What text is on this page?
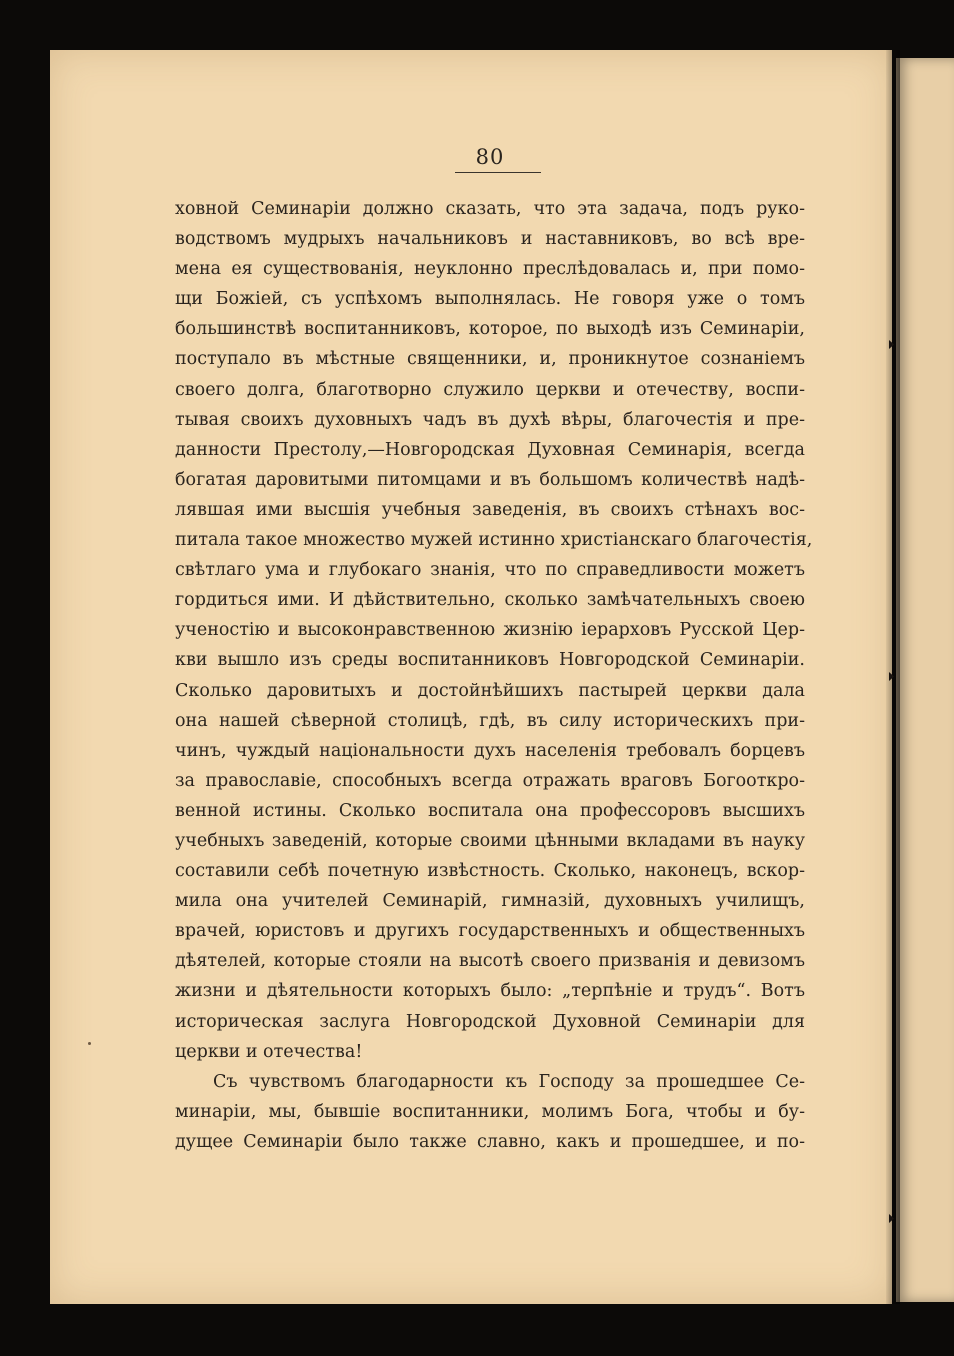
80
ховной Семинаріи должно сказать, что эта задача, подъ руко-
водствомъ мудрыхъ начальниковъ и наставниковъ, во всѣ вре-
мена ея существованія, неуклонно преслѣдовалась и, при помо-
щи Божіей, съ успѣхомъ выполнялась. Не говоря уже о томъ
большинствѣ воспитанниковъ, которое, по выходѣ изъ Семинаріи,
поступало въ мѣстные священники, и, проникнутое сознаніемъ
своего долга, благотворно служило церкви и отечеству, воспи-
тывая своихъ духовныхъ чадъ въ духѣ вѣры, благочестія и пре-
данности Престолу,—Новгородская Духовная Семинарія, всегда
богатая даровитыми питомцами и въ большомъ количествѣ надѣ-
лявшая ими высшія учебныя заведенія, въ своихъ стѣнахъ вос-
питала такое множество мужей истинно христіанскаго благочестія,
свѣтлаго ума и глубокаго знанія, что по справедливости можетъ
гордиться ими. И дѣйствительно, сколько замѣчательныхъ своею
ученостію и высоконравственною жизнію іерарховъ Русской Цер-
кви вышло изъ среды воспитанниковъ Новгородской Семинаріи.
Сколько даровитыхъ и достойнѣйшихъ пастырей церкви дала
она нашей сѣверной столицѣ, гдѣ, въ силу историческихъ при-
чинъ, чуждый національности духъ населенія требовалъ борцевъ
за православіе, способныхъ всегда отражать враговъ Богооткро-
венной истины. Сколько воспитала она профессоровъ высшихъ
учебныхъ заведеній, которые своими цѣнными вкладами въ науку
составили себѣ почетную извѣстность. Сколько, наконецъ, вскор-
мила она учителей Семинарій, гимназій, духовныхъ училищъ,
врачей, юристовъ и другихъ государственныхъ и общественныхъ
дѣятелей, которые стояли на высотѣ своего призванія и девизомъ
жизни и дѣятельности которыхъ было: „терпѣніе и трудъ“. Вотъ
историческая заслуга Новгородской Духовной Семинаріи для
церкви и отечества!
Съ чувствомъ благодарности къ Господу за прошедшее Се-
минаріи, мы, бывшіе воспитанники, молимъ Бога, чтобы и бу-
дущее Семинаріи было также славно, какъ и прошедшее, и по-
